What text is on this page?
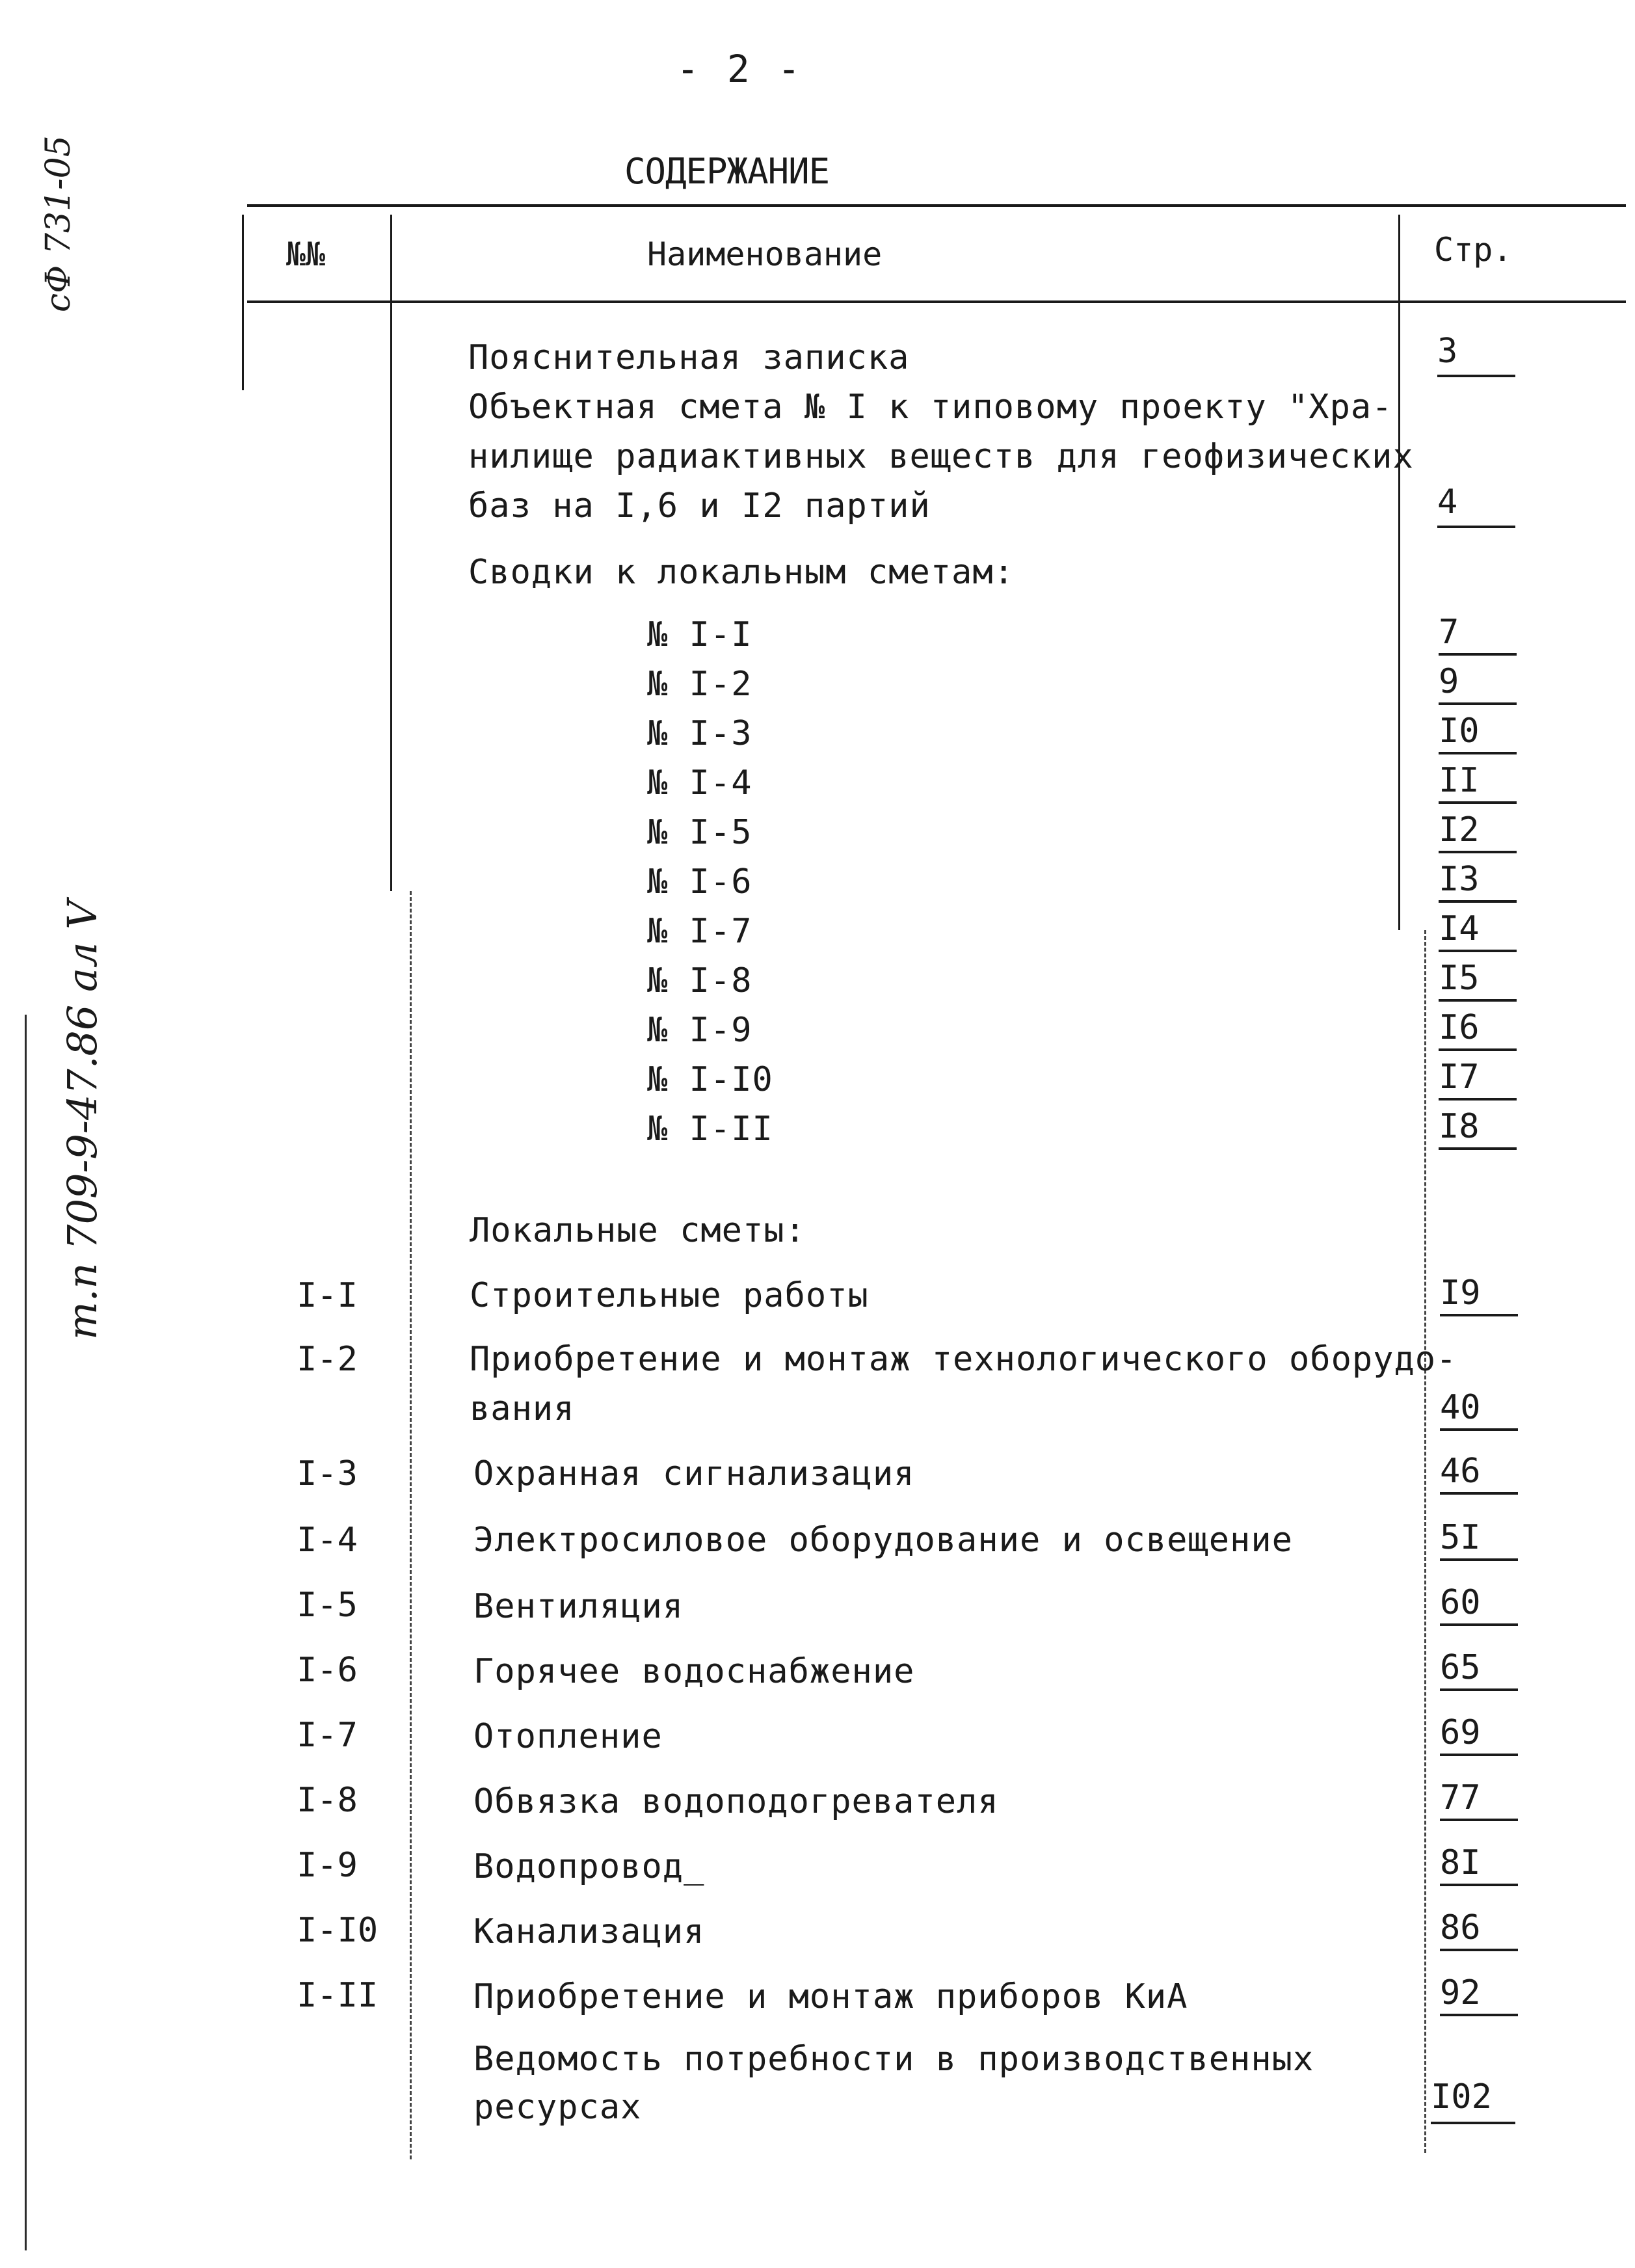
- 2 -
СОДЕРЖАНИЕ
сФ 731-05
т.п 709-9-47.86 ал V
№№	Наименование	Стр.
Пояснительная записка	3
Объектная смета № I к типовому проекту "Хра-
нилище радиактивных веществ для геофизических
баз на I,6 и I2 партий	4
Сводки к локальным сметам:
№ I-I	7
№ I-2	9
№ I-3	I0
№ I-4	II
№ I-5	I2
№ I-6	I3
№ I-7	I4
№ I-8	I5
№ I-9	I6
№ I-I0	I7
№ I-II	I8
Локальные сметы:
I-I	Строительные работы	I9
I-2	Приобретение и монтаж технологического оборудо-
вания	40
I-3	Охранная сигнализация	46
I-4	Электросиловое оборудование и освещение	5I
I-5	Вентиляция	60
I-6	Горячее водоснабжение	65
I-7	Отопление	69
I-8	Обвязка водоподогревателя	77
I-9	Водопровод_	8I
I-I0	Канализация	86
I-II	Приобретение и монтаж приборов КиА	92
Ведомость потребности в производственных
ресурсах	I02
